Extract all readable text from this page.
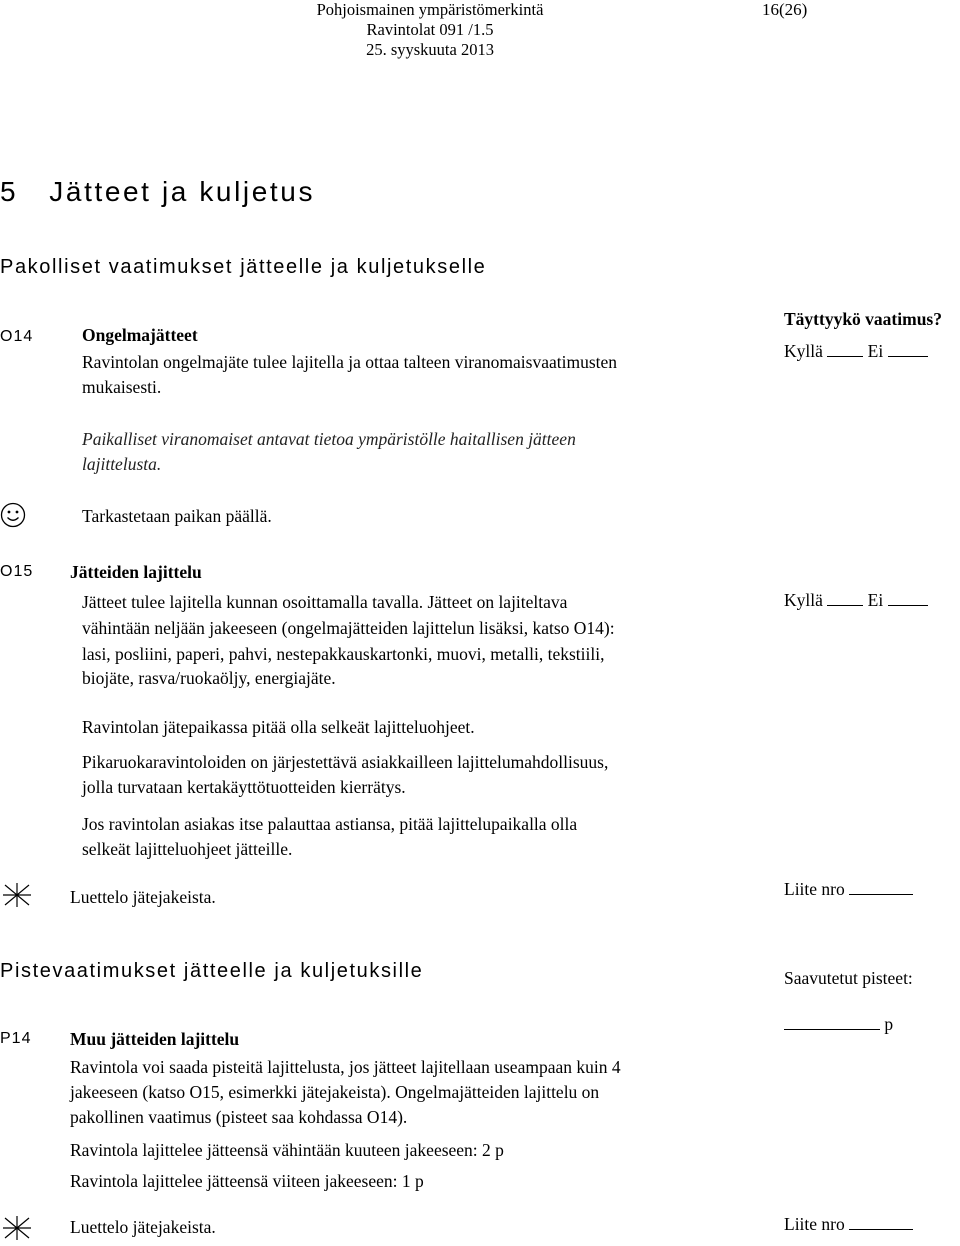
Pohjoismainen ympäristömerkintä
Ravintolat 091 /1.5
25. syyskuuta 2013
16(26)
5   Jätteet ja kuljetus
Pakolliset vaatimukset jätteelle ja kuljetukselle
O14	Ongelmajätteet
Ravintolan ongelmajäte tulee lajitella ja ottaa talteen viranomaisvaatimusten
mukaisesti.
Täyttyykö vaatimus?
Kyllä	Ei
Paikalliset viranomaiset antavat tietoa ympäristölle haitallisen jätteen
lajittelusta.
Tarkastetaan paikan päällä.
O15 Jätteiden lajittelu
Jätteet tulee lajitella kunnan osoittamalla tavalla. Jätteet on lajiteltava
vähintään neljään jakeeseen (ongelmajätteiden lajittelun lisäksi, katso O14):
lasi, posliini, paperi, pahvi, nestepakkauskartonki, muovi, metalli, tekstiili,
biojäte, rasva/ruokaöljy, energiajäte.
Kyllä	Ei
Ravintolan jätepaikassa pitää olla selkeät lajitteluohjeet.
Pikaruokaravintoloiden on järjestettävä asiakkailleen lajittelumahdollisuus,
jolla turvataan kertakäyttötuotteiden kierrätys.
Jos ravintolan asiakas itse palauttaa astiansa, pitää lajittelupaikalla olla
selkeät lajitteluohjeet jätteille.
Luettelo jätejakeista.	Liite nro
Pistevaatimukset jätteelle ja kuljetuksille	Saavutetut pisteet:
P14 Muu jätteiden lajittelu
p
Ravintola voi saada pisteitä lajittelusta, jos jätteet lajitellaan useampaan kuin 4
jakeeseen (katso O15, esimerkki jätejakeista). Ongelmajätteiden lajittelu on
pakollinen vaatimus (pisteet saa kohdassa O14).
Ravintola lajittelee jätteensä vähintään kuuteen jakeeseen: 2 p
Ravintola lajittelee jätteensä viiteen jakeeseen: 1 p
Luettelo jätejakeista.	Liite nro
